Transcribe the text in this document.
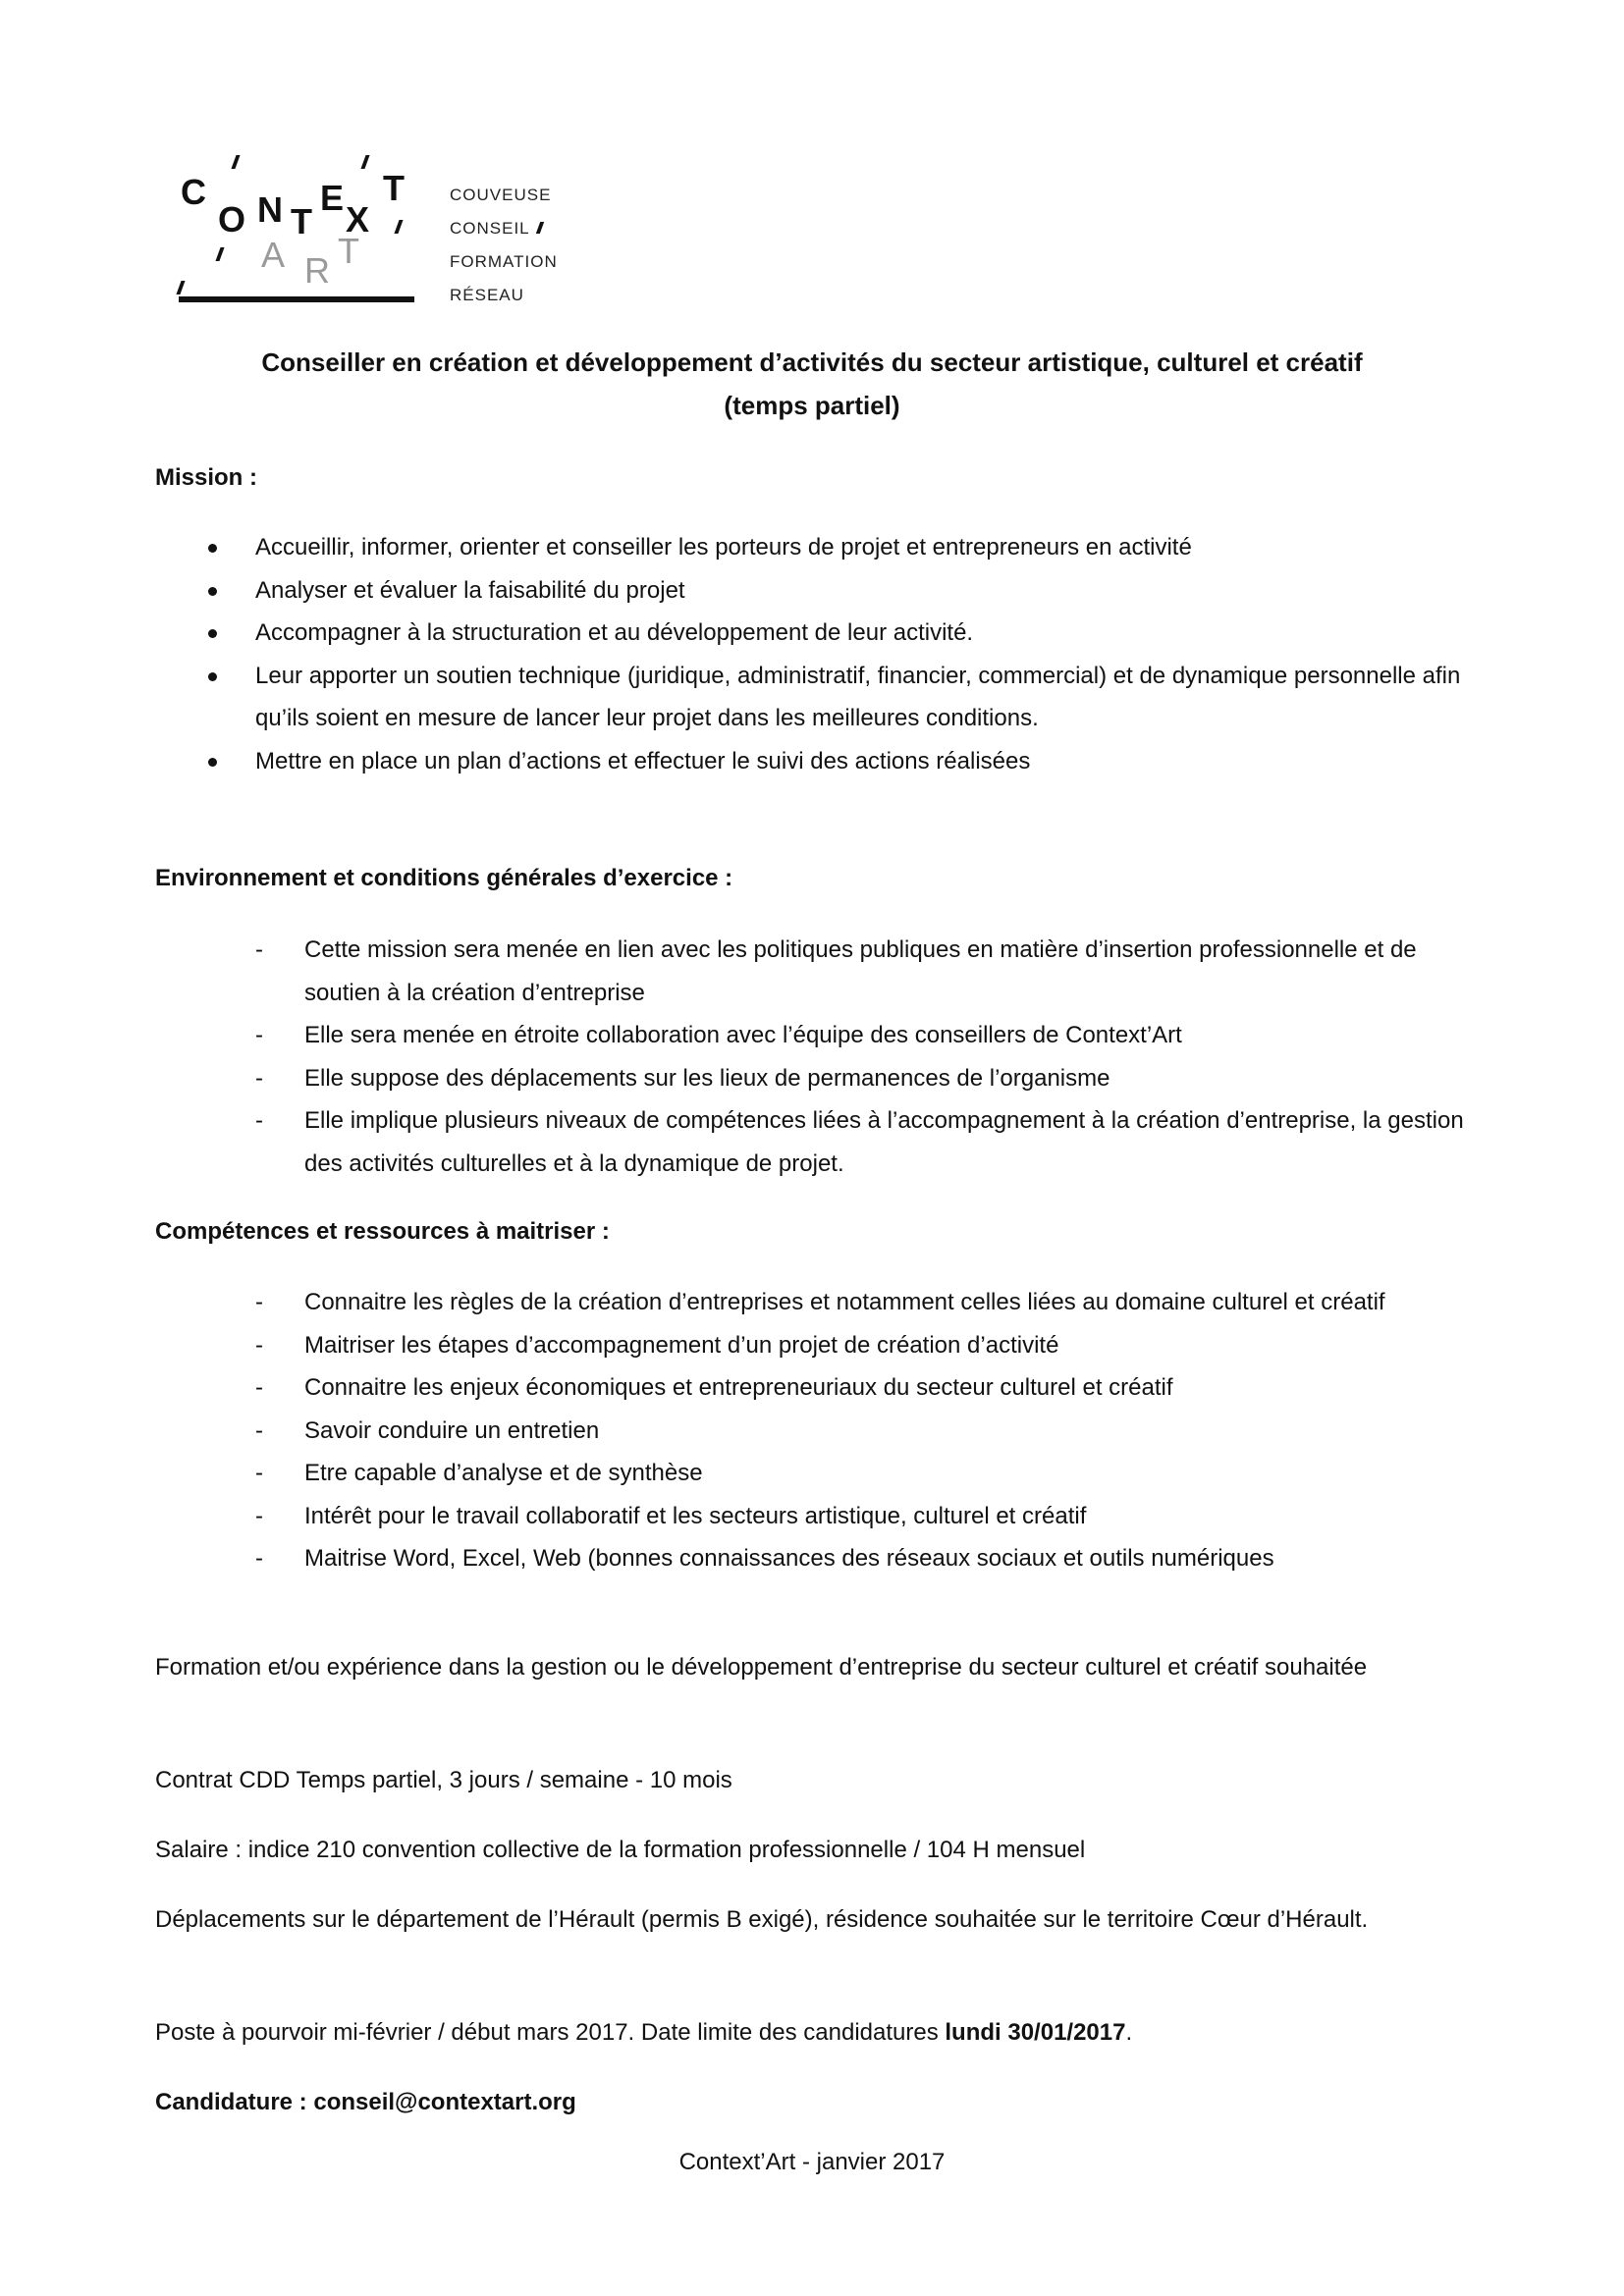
C
O N T
E
X
T
A R T
COUVEUSE
CONSEIL
FORMATION
RÉSEAU
Conseiller en création et développement d’activités du secteur artistique, culturel et créatif
(temps partiel)
Mission :
Accueillir, informer, orienter et conseiller les porteurs de projet et entrepreneurs en activité
Analyser et évaluer la faisabilité du projet
Accompagner à la structuration et au développement de leur activité.
Leur apporter un soutien technique (juridique, administratif, financier, commercial) et de dynamique personnelle afin qu’ils soient en mesure de lancer leur projet dans les meilleures conditions.
Mettre en place un plan d’actions et effectuer le suivi des actions réalisées
Environnement et conditions générales d’exercice :
- Cette mission sera menée en lien avec les politiques publiques en matière d’insertion professionnelle et de soutien à la création d’entreprise
- Elle sera menée en étroite collaboration avec l’équipe des conseillers de Context’Art
- Elle suppose des déplacements sur les lieux de permanences de l’organisme
- Elle implique plusieurs niveaux de compétences liées à l’accompagnement à la création d’entreprise, la gestion des activités culturelles et à la dynamique de projet.
Compétences et ressources à maitriser :
- Connaitre les règles de la création d’entreprises et notamment celles liées au domaine culturel et créatif
- Maitriser les étapes d’accompagnement d’un projet de création d’activité
- Connaitre les enjeux économiques et entrepreneuriaux du secteur culturel et créatif
- Savoir conduire un entretien
- Etre capable d’analyse et de synthèse
- Intérêt pour le travail collaboratif et les secteurs artistique, culturel et créatif
- Maitrise Word, Excel, Web (bonnes connaissances des réseaux sociaux et outils numériques

Formation et/ou expérience dans la gestion ou le développement d’entreprise du secteur culturel et créatif souhaitée

Contrat CDD Temps partiel, 3 jours / semaine - 10 mois

Salaire : indice 210 convention collective de la formation professionnelle / 104 H mensuel

Déplacements sur le département de l’Hérault (permis B exigé), résidence souhaitée sur le territoire Cœur d’Hérault.

Poste à pourvoir mi-février / début mars 2017. Date limite des candidatures lundi 30/01/2017.

Candidature : conseil@contextart.org

Context’Art - janvier 2017
